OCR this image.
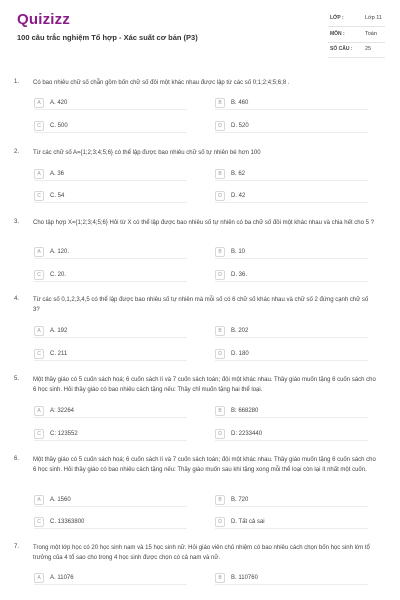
Quizizz
100 câu trắc nghiệm Tổ hợp - Xác suất cơ bản (P3)
LỚP :	Lớp 11
MÔN :	Toán
SỐ CÂU : 25
1. Có bao nhiêu chữ số chẵn gồm bốn chữ số đôi một khác nhau được lập từ các số 0;1;2;4;5;6;8 .
A	A. 420	B	B. 460
C	C. 500	D	D. 520
2. Từ các chữ số A={1;2;3;4;5;6} có thể lập được bao nhiêu chữ số tự nhiên bé hơn 100
A	A. 36	B	B. 62
C	C. 54	D	D. 42
3. Cho tập hợp X={1;2;3;4;5;6} Hỏi từ X có thể lập được bao nhiêu số tự nhiên có ba chữ số đôi một khác nhau và chia hết cho 5 ?
A	A. 120.	B	B. 10
C	C. 20.	D	D. 36.
4. Từ các số 0,1,2,3,4,5 có thể lập được bao nhiêu số tự nhiên mà mỗi số có 6 chữ số khác nhau và chữ số 2 đứng cạnh chữ số 3?
A	A. 192	B	B. 202
C	C. 211	D	D. 180
5. Một thầy giáo có 5 cuốn sách hoá; 6 cuốn sách lí và 7 cuốn sách toán; đôi một khác nhau. Thầy giáo muốn tặng 6 cuốn sách cho 6 học sinh. Hỏi thầy giáo có bao nhiêu cách tặng nếu: Thầy chỉ muốn tặng hai thể loại.
A	A: 32264	B	B: 668280
C	C: 123552	D	D: 2233440
6. Một thầy giáo có 5 cuốn sách hoá; 6 cuốn sách lí và 7 cuốn sách toán; đôi một khác nhau. Thầy giáo muốn tặng 6 cuốn sách cho 6 học sinh. Hỏi thầy giáo có bao nhiêu cách tặng nếu: Thầy giáo muốn sau khi tặng xong mỗi thể loại còn lại ít nhất một cuốn.
A	A. 1560	B	B. 720
C	C. 13363800	D	D. Tất cả sai
7. Trong một lớp học có 20 học sinh nam và 15 học sinh nữ. Hỏi giáo viên chủ nhiệm có bao nhiêu cách chọn bốn học sinh lớn tổ trưởng của 4 tổ sao cho trong 4 học sinh được chọn có cả nam và nữ.
A	A. 11076	B	B. 110760
